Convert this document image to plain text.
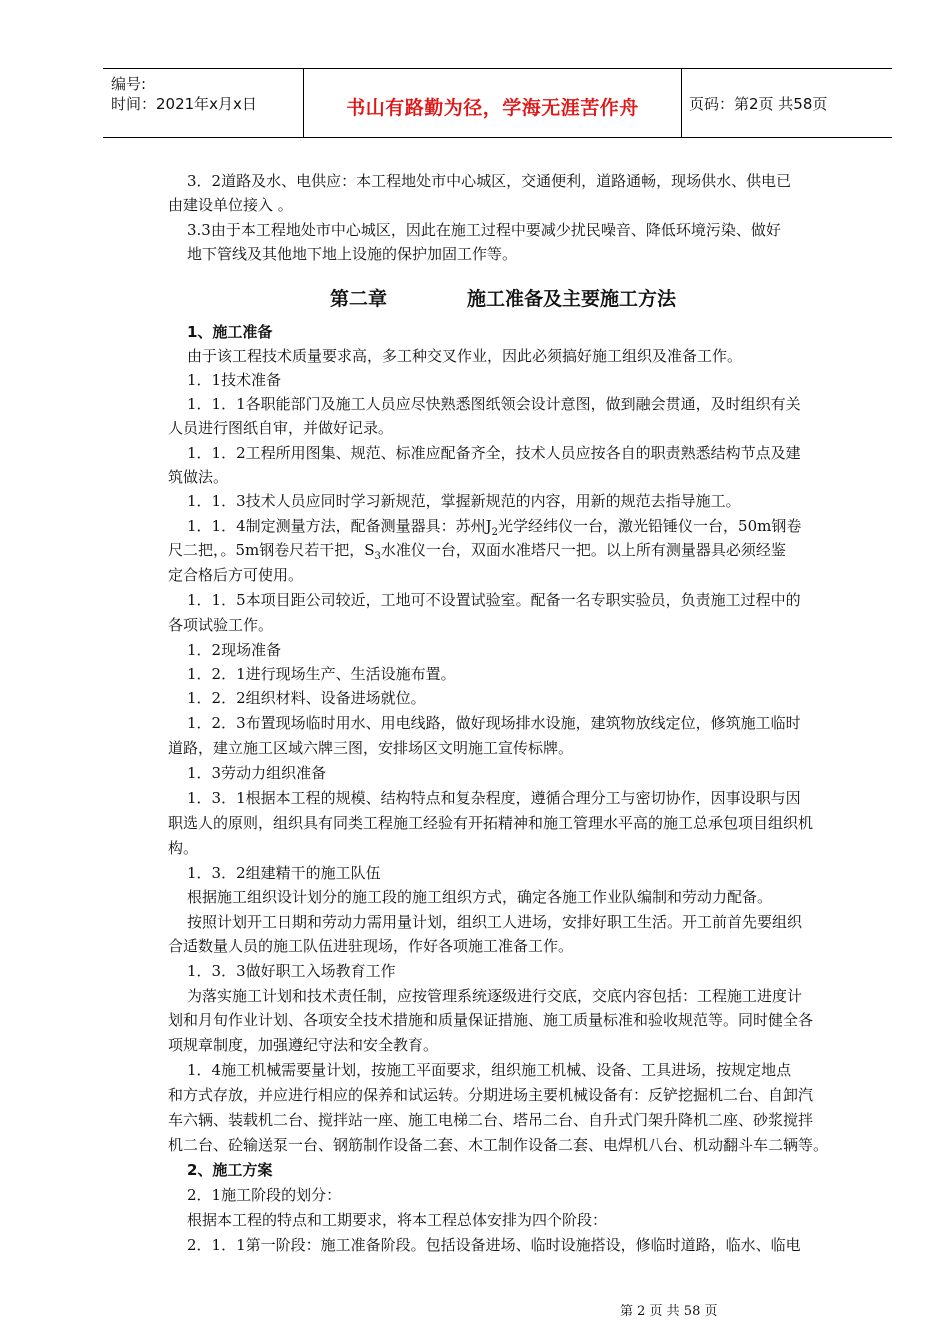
编号:
时间：2021年x月x日	书山有路勤为径，学海无涯苦作舟	页码：第2页 共58页
3．2道路及水、电供应：本工程地处市中心城区，交通便利，道路通畅，现场供水、供电已
由建设单位接入 。
3.3由于本工程地处市中心城区，因此在施工过程中要减少扰民噪音、降低环境污染、做好
地下管线及其他地下地上设施的保护加固工作等。
第二章	施工准备及主要施工方法
1、施工准备
由于该工程技术质量要求高，多工种交叉作业，因此必须搞好施工组织及准备工作。
1．1技术准备
1．1．1各职能部门及施工人员应尽快熟悉图纸领会设计意图，做到融会贯通，及时组织有关
人员进行图纸自审，并做好记录。
1．1．2工程所用图集、规范、标准应配备齐全，技术人员应按各自的职责熟悉结构节点及建
筑做法。
1．1．3技术人员应同时学习新规范，掌握新规范的内容，用新的规范去指导施工。
1．1．4制定测量方法，配备测量器具：苏州$J_2$光学经纬仪一台，激光铅锤仪一台，50m钢卷
尺二把，。5m钢卷尺若干把，$S_3$水准仪一台，双面水准塔尺一把。以上所有测量器具必须经鉴
定合格后方可使用。
1．1．5本项目距公司较近，工地可不设置试验室。配备一名专职实验员，负责施工过程中的
各项试验工作。
1．2现场准备
1．2．1进行现场生产、生活设施布置。
1．2．2组织材料、设备进场就位。
1．2．3布置现场临时用水、用电线路，做好现场排水设施，建筑物放线定位，修筑施工临时
道路，建立施工区域六牌三图，安排场区文明施工宣传标牌。
1．3劳动力组织准备
1．3．1根据本工程的规模、结构特点和复杂程度，遵循合理分工与密切协作，因事设职与因
职选人的原则，组织具有同类工程施工经验有开拓精神和施工管理水平高的施工总承包项目组织机
构。
1．3．2组建精干的施工队伍
根据施工组织设计划分的施工段的施工组织方式，确定各施工作业队编制和劳动力配备。
按照计划开工日期和劳动力需用量计划，组织工人进场，安排好职工生活。开工前首先要组织
合适数量人员的施工队伍进驻现场，作好各项施工准备工作。
1．3．3做好职工入场教育工作
为落实施工计划和技术责任制，应按管理系统逐级进行交底，交底内容包括：工程施工进度计
划和月旬作业计划、各项安全技术措施和质量保证措施、施工质量标准和验收规范等。同时健全各
项规章制度，加强遵纪守法和安全教育。
1．4施工机械需要量计划，按施工平面要求，组织施工机械、设备、工具进场，按规定地点
和方式存放，并应进行相应的保养和试运转。分期进场主要机械设备有：反铲挖掘机二台、自卸汽
车六辆、装载机二台、搅拌站一座、施工电梯二台、塔吊二台、自升式门架升降机二座、砂浆搅拌
机二台、砼输送泵一台、钢筋制作设备二套、木工制作设备二套、电焊机八台、机动翻斗车二辆等。
2、施工方案
2．1施工阶段的划分：
根据本工程的特点和工期要求，将本工程总体安排为四个阶段：
2．1．1第一阶段：施工准备阶段。包括设备进场、临时设施搭设，修临时道路，临水、临电
第 2 页 共 58 页
